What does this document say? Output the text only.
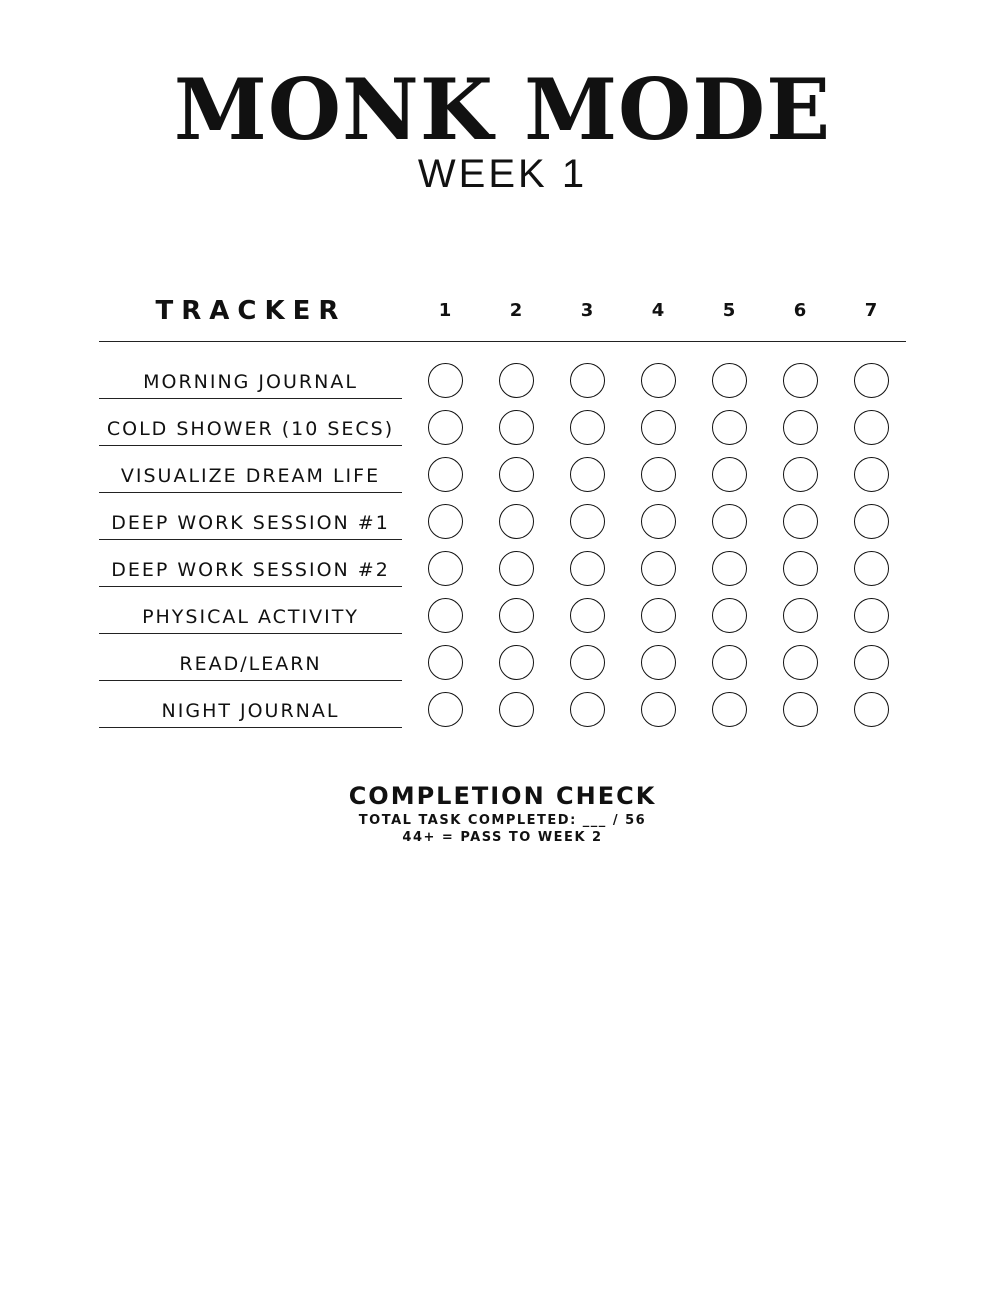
MONK MODE
WEEK 1
TRACKER	1	2	3	4	5	6	7
MORNING JOURNAL
COLD SHOWER (10 SECS)
VISUALIZE DREAM LIFE
DEEP WORK SESSION #1
DEEP WORK SESSION #2
PHYSICAL ACTIVITY
READ/LEARN
NIGHT JOURNAL
COMPLETION CHECK
TOTAL TASK COMPLETED: ___ / 56
44+ = PASS TO WEEK 2
